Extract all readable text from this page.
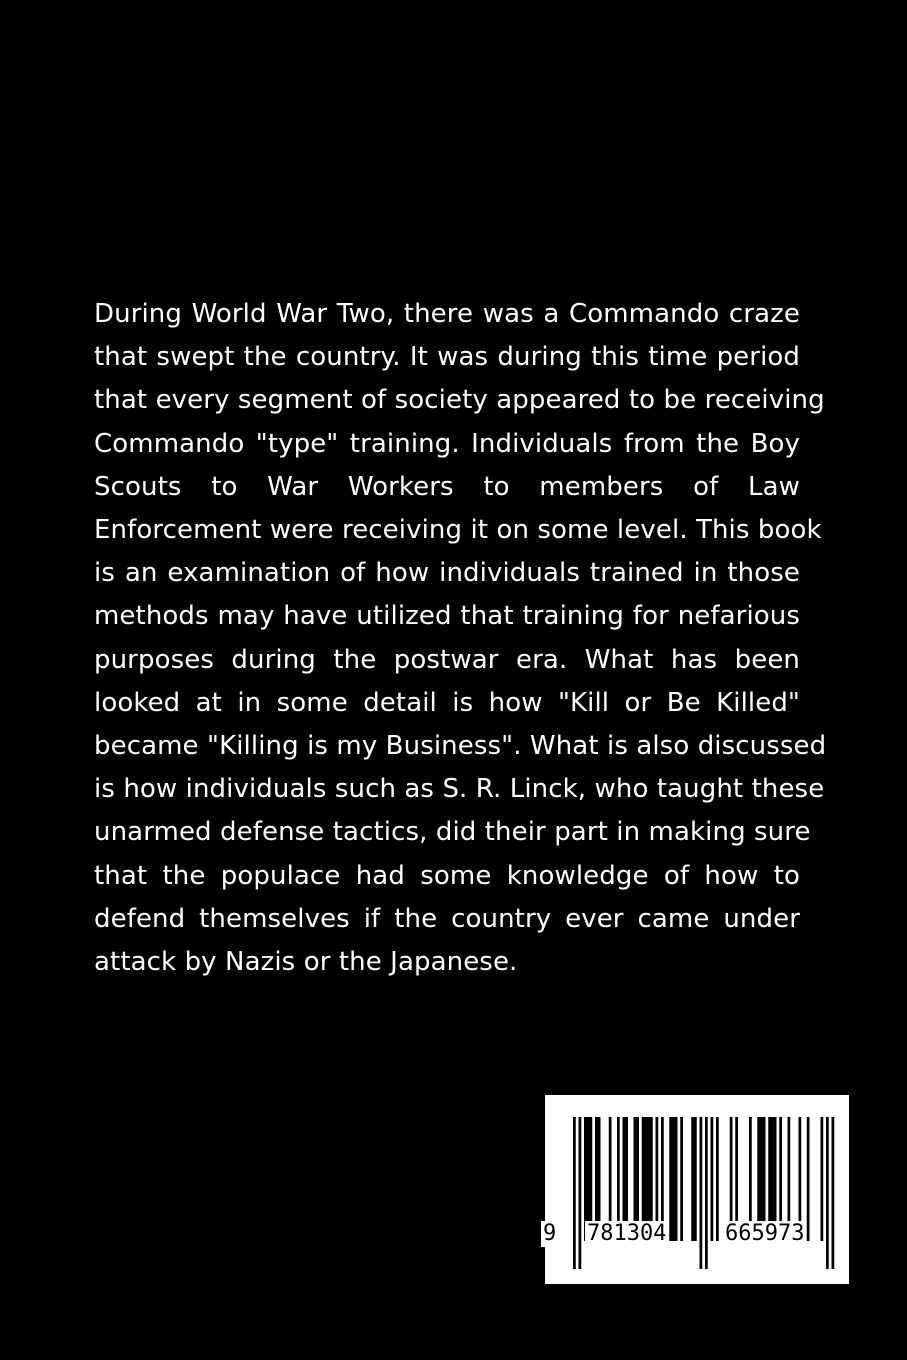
During World War Two, there was a Commando craze
that swept the country. It was during this time period
that every segment of society appeared to be receiving
Commando "type" training. Individuals from the Boy
Scouts to War Workers to members of Law
Enforcement were receiving it on some level. This book
is an examination of how individuals trained in those
methods may have utilized that training for nefarious
purposes during the postwar era. What has been
looked at in some detail is how "Kill or Be Killed"
became "Killing is my Business". What is also discussed
is how individuals such as S. R. Linck, who taught these
unarmed defense tactics, did their part in making sure
that the populace had some knowledge of how to
defend themselves if the country ever came under
attack by Nazis or the Japanese.
9 781304	665973
